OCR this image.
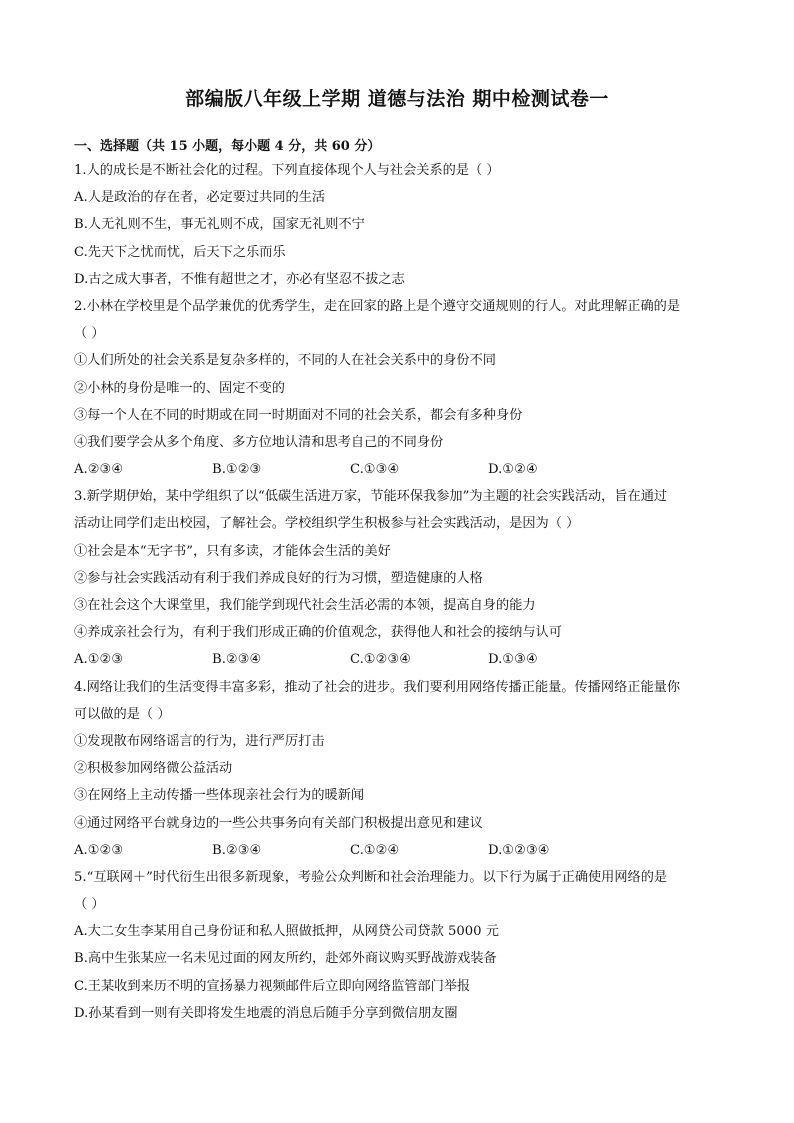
部编版八年级上学期 道德与法治 期中检测试卷一
一、选择题（共 15 小题，每小题 4 分，共 60 分）
1.人的成长是不断社会化的过程。下列直接体现个人与社会关系的是（ ）
A.人是政治的存在者，必定要过共同的生活
B.人无礼则不生，事无礼则不成，国家无礼则不宁
C.先天下之忧而忧，后天下之乐而乐
D.古之成大事者，不惟有超世之才，亦必有坚忍不拔之志
2.小林在学校里是个品学兼优的优秀学生，走在回家的路上是个遵守交通规则的行人。对此理解正确的是
（ ）
①人们所处的社会关系是复杂多样的，不同的人在社会关系中的身份不同
②小林的身份是唯一的、固定不变的
③每一个人在不同的时期或在同一时期面对不同的社会关系，都会有多种身份
④我们要学会从多个角度、多方位地认清和思考自己的不同身份
A.②③④	B.①②③	C.①③④	D.①②④
3.新学期伊始，某中学组织了以“低碳生活进万家，节能环保我参加”为主题的社会实践活动，旨在通过
活动让同学们走出校园，了解社会。学校组织学生积极参与社会实践活动，是因为（ ）
①社会是本“无字书”，只有多读，才能体会生活的美好
②参与社会实践活动有利于我们养成良好的行为习惯，塑造健康的人格
③在社会这个大课堂里，我们能学到现代社会生活必需的本领，提高自身的能力
④养成亲社会行为，有利于我们形成正确的价值观念，获得他人和社会的接纳与认可
A.①②③	B.②③④	C.①②③④	D.①③④
4.网络让我们的生活变得丰富多彩，推动了社会的进步。我们要利用网络传播正能量。传播网络正能量你
可以做的是（ ）
①发现散布网络谣言的行为，进行严厉打击
②积极参加网络微公益活动
③在网络上主动传播一些体现亲社会行为的暖新闻
④通过网络平台就身边的一些公共事务向有关部门积极提出意见和建议
A.①②③	B.②③④	C.①②④	D.①②③④
5.“互联网＋”时代衍生出很多新现象，考验公众判断和社会治理能力。以下行为属于正确使用网络的是
（ ）
A.大二女生李某用自己身份证和私人照做抵押，从网贷公司贷款 5000 元
B.高中生张某应一名未见过面的网友所约，赴郊外商议购买野战游戏装备
C.王某收到来历不明的宣扬暴力视频邮件后立即向网络监管部门举报
D.孙某看到一则有关即将发生地震的消息后随手分享到微信朋友圈
